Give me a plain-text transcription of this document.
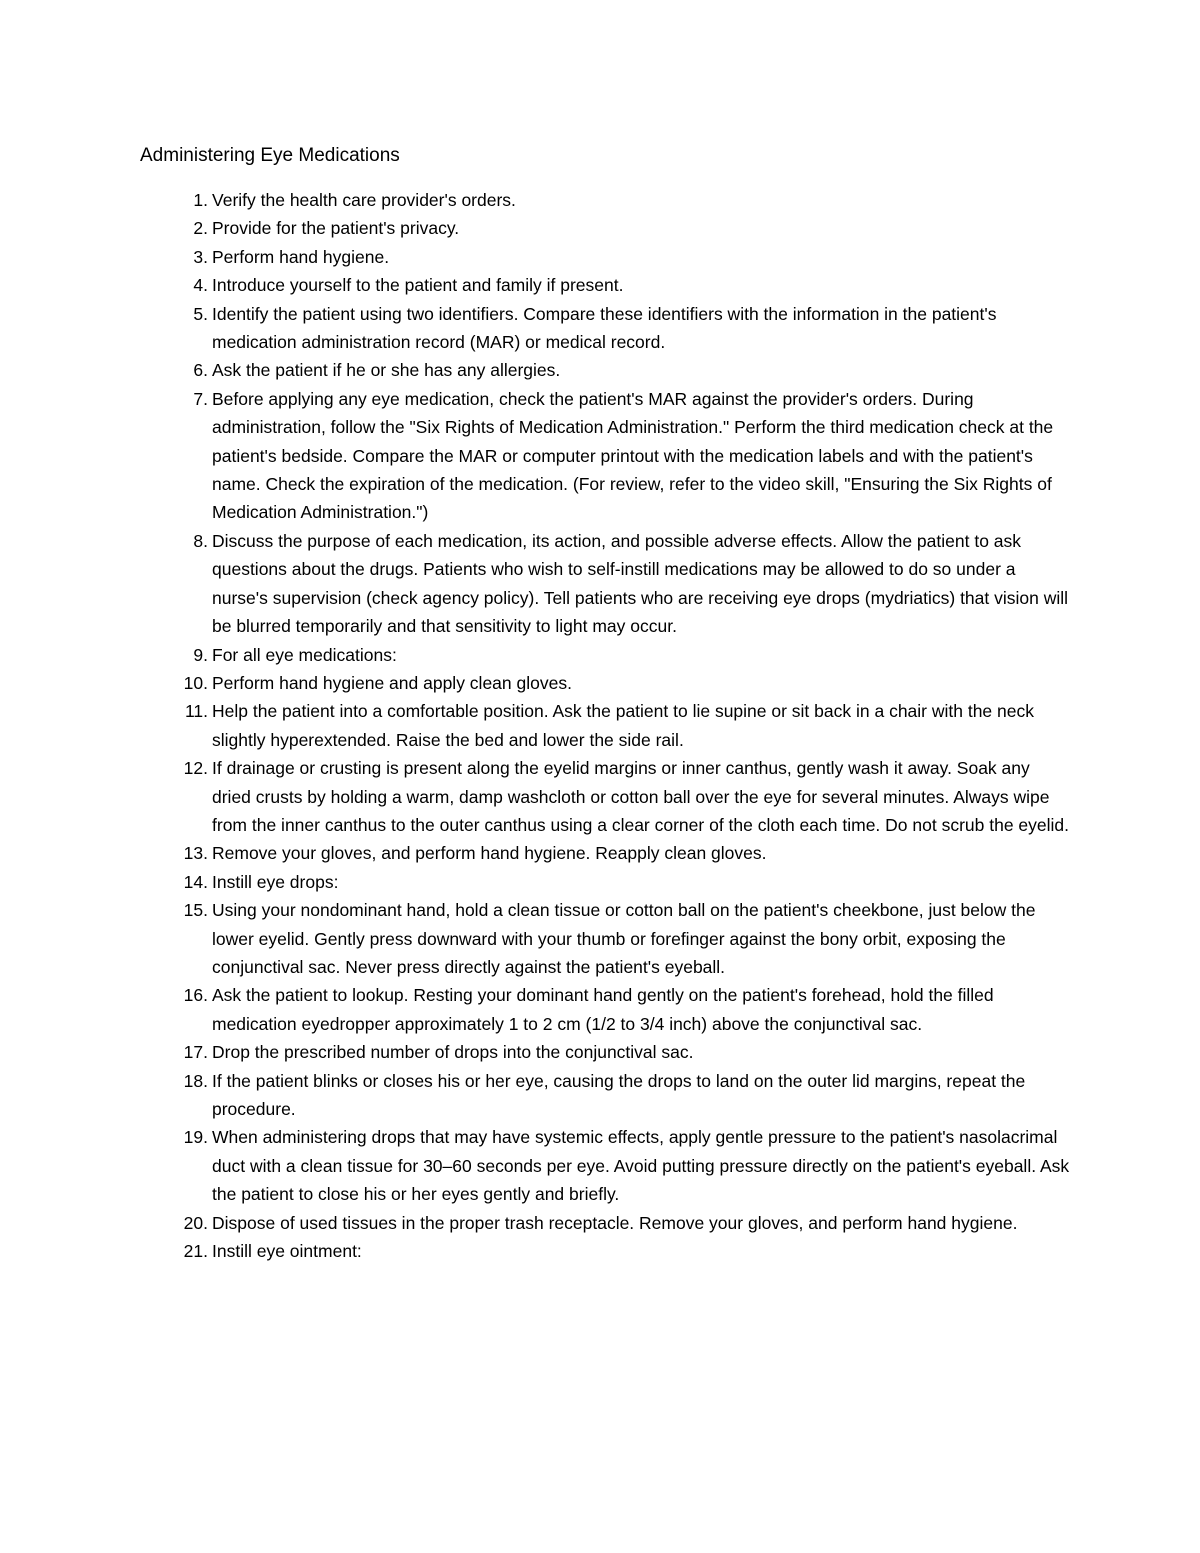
Administering Eye Medications
1. Verify the health care provider's orders.
2. Provide for the patient's privacy.
3. Perform hand hygiene.
4. Introduce yourself to the patient and family if present.
5. Identify the patient using two identifiers. Compare these identifiers with the information in the patient's medication administration record (MAR) or medical record.
6. Ask the patient if he or she has any allergies.
7. Before applying any eye medication, check the patient's MAR against the provider's orders. During administration, follow the "Six Rights of Medication Administration." Perform the third medication check at the patient's bedside. Compare the MAR or computer printout with the medication labels and with the patient's name. Check the expiration of the medication. (For review, refer to the video skill, "Ensuring the Six Rights of Medication Administration.")
8. Discuss the purpose of each medication, its action, and possible adverse effects. Allow the patient to ask questions about the drugs. Patients who wish to self-instill medications may be allowed to do so under a nurse's supervision (check agency policy). Tell patients who are receiving eye drops (mydriatics) that vision will be blurred temporarily and that sensitivity to light may occur.
9. For all eye medications:
10. Perform hand hygiene and apply clean gloves.
11. Help the patient into a comfortable position. Ask the patient to lie supine or sit back in a chair with the neck slightly hyperextended. Raise the bed and lower the side rail.
12. If drainage or crusting is present along the eyelid margins or inner canthus, gently wash it away. Soak any dried crusts by holding a warm, damp washcloth or cotton ball over the eye for several minutes. Always wipe from the inner canthus to the outer canthus using a clear corner of the cloth each time. Do not scrub the eyelid.
13. Remove your gloves, and perform hand hygiene. Reapply clean gloves.
14. Instill eye drops:
15. Using your nondominant hand, hold a clean tissue or cotton ball on the patient's cheekbone, just below the lower eyelid. Gently press downward with your thumb or forefinger against the bony orbit, exposing the conjunctival sac. Never press directly against the patient's eyeball.
16. Ask the patient to lookup. Resting your dominant hand gently on the patient's forehead, hold the filled medication eyedropper approximately 1 to 2 cm (1/2 to 3/4 inch) above the conjunctival sac.
17. Drop the prescribed number of drops into the conjunctival sac.
18. If the patient blinks or closes his or her eye, causing the drops to land on the outer lid margins, repeat the procedure.
19. When administering drops that may have systemic effects, apply gentle pressure to the patient's nasolacrimal duct with a clean tissue for 30–60 seconds per eye. Avoid putting pressure directly on the patient's eyeball. Ask the patient to close his or her eyes gently and briefly.
20. Dispose of used tissues in the proper trash receptacle. Remove your gloves, and perform hand hygiene.
21. Instill eye ointment:
